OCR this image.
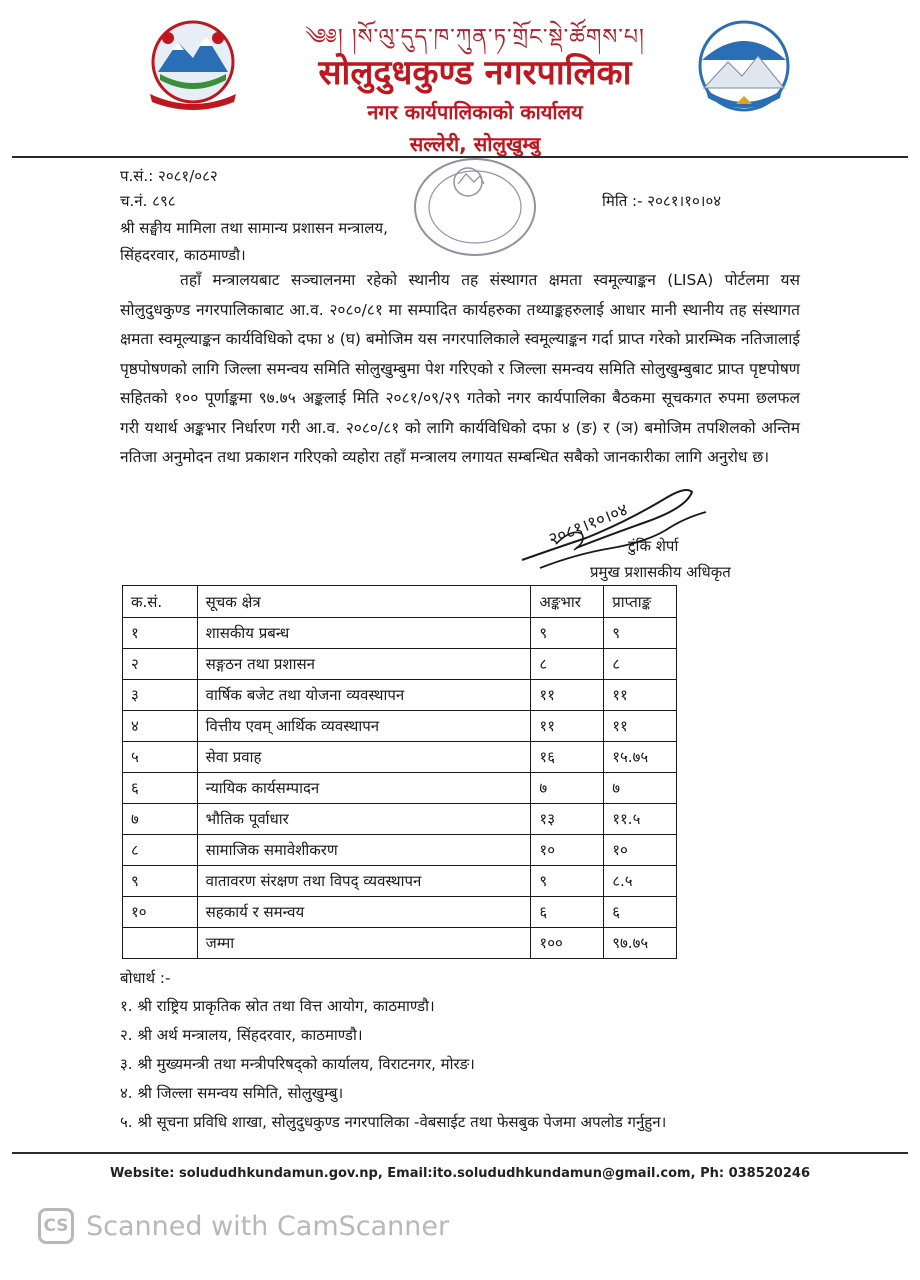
༄༅། །སོ་ལུ་དུད་ཁ་ཀུན་ཏ་གྲོང་སྡེ་ཚོགས་པ།
सोलुदुधकुण्ड नगरपालिका
नगर कार्यपालिकाको कार्यालय
सल्लेरी, सोलुखुम्बु
प.सं.: २०८१/०८२
च.नं. ८९८	मिति :- २०८१।१०।०४
श्री सङ्घीय मामिला तथा सामान्य प्रशासन मन्त्रालय,
सिंहदरवार, काठमाण्डौ।

तहाँ मन्त्रालयबाट सञ्चालनमा रहेको स्थानीय तह संस्थागत क्षमता स्वमूल्याङ्कन (LISA) पोर्टलमा यस सोलुदुधकुण्ड नगरपालिकाबाट आ.व. २०८०/८१ मा सम्पादित कार्यहरुका तथ्याङ्कहरुलाई आधार मानी स्थानीय तह संस्थागत क्षमता स्वमूल्याङ्कन कार्यविधिको दफा ४ (घ) बमोजिम यस नगरपालिकाले स्वमूल्याङ्कन गर्दा प्राप्त गरेको प्रारम्भिक नतिजालाई पृष्ठपोषणको लागि जिल्ला समन्वय समिति सोलुखुम्बुमा पेश गरिएको र जिल्ला समन्वय समिति सोलुखुम्बुबाट प्राप्त पृष्टपोषण सहितको १०० पूर्णाङ्कमा ९७.७५ अङ्कलाई मिति २०८१/०९/२९ गतेको नगर कार्यपालिका बैठकमा सूचकगत रुपमा छलफल गरी यथार्थ अङ्कभार निर्धारण गरी आ.व. २०८०/८१ को लागि कार्यविधिको दफा ४ (ङ) र (ञ) बमोजिम तपशिलको अन्तिम नतिजा अनुमोदन तथा प्रकाशन गरिएको व्यहोरा तहाँ मन्त्रालय लगायत सम्बन्धित सबैको जानकारीका लागि अनुरोध छ।

२०८१।१०।०४
टुंकि शेर्पा
प्रमुख प्रशासकीय अधिकृत
क.सं.	सूचक क्षेत्र	अङ्कभार	प्राप्ताङ्क
१	शासकीय प्रबन्ध	९	९
२	सङ्गठन तथा प्रशासन	८	८
३	वार्षिक बजेट तथा योजना व्यवस्थापन	११	११
४	वित्तीय एवम् आर्थिक व्यवस्थापन	११	११
५	सेवा प्रवाह	१६	१५.७५
६	न्यायिक कार्यसम्पादन	७	७
७	भौतिक पूर्वाधार	१३	११.५
८	सामाजिक समावेशीकरण	१०	१०
९	वातावरण संरक्षण तथा विपद् व्यवस्थापन	९	८.५
१०	सहकार्य र समन्वय	६	६
	जम्मा	१००	९७.७५
बोधार्थ :-
१. श्री राष्ट्रिय प्राकृतिक स्रोत तथा वित्त आयोग, काठमाण्डौ।
२. श्री अर्थ मन्त्रालय, सिंहदरवार, काठमाण्डौ।
३. श्री मुख्यमन्त्री तथा मन्त्रीपरिषद्को कार्यालय, विराटनगर, मोरङ।
४. श्री जिल्ला समन्वय समिति, सोलुखुम्बु।
५. श्री सूचना प्रविधि शाखा, सोलुदुधकुण्ड नगरपालिका -वेबसाईट तथा फेसबुक पेजमा अपलोड गर्नुहुन।
Website: solududhkundamun.gov.np, Email:ito.solududhkundamun@gmail.com, Ph: 038520246
CS Scanned with CamScanner
